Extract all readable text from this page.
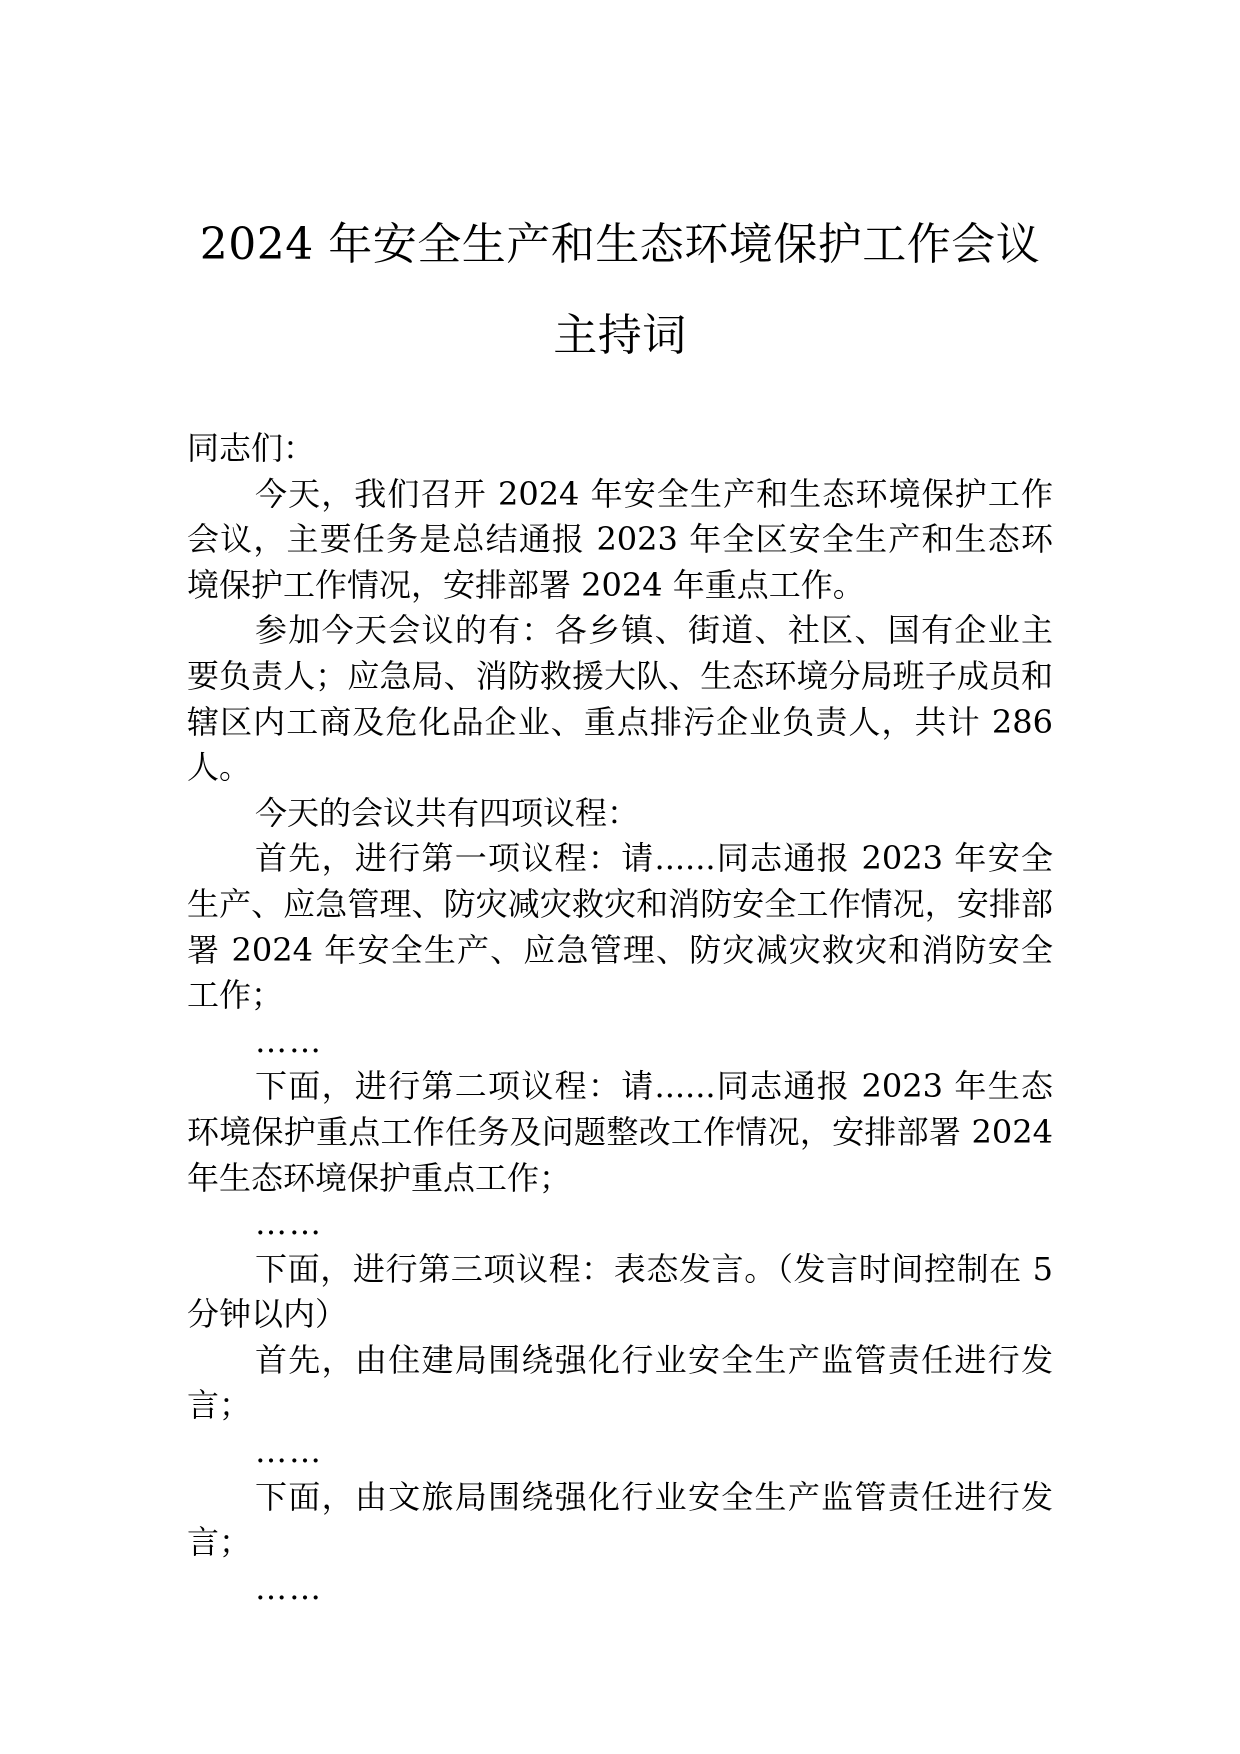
2024 年安全生产和生态环境保护工作会议
主持词

同志们：

今天，我们召开 2024 年安全生产和生态环境保护工作会议，主要任务是总结通报 2023 年全区安全生产和生态环境保护工作情况，安排部署 2024 年重点工作。

参加今天会议的有：各乡镇、街道、社区、国有企业主要负责人；应急局、消防救援大队、生态环境分局班子成员和辖区内工商及危化品企业、重点排污企业负责人，共计 286 人。

今天的会议共有四项议程：

首先，进行第一项议程：请......同志通报 2023 年安全生产、应急管理、防灾减灾救灾和消防安全工作情况，安排部署 2024 年安全生产、应急管理、防灾减灾救灾和消防安全工作；

……

下面，进行第二项议程：请......同志通报 2023 年生态环境保护重点工作任务及问题整改工作情况，安排部署 2024 年生态环境保护重点工作；

……

下面，进行第三项议程：表态发言。（发言时间控制在 5 分钟以内）

首先，由住建局围绕强化行业安全生产监管责任进行发言；

……

下面，由文旅局围绕强化行业安全生产监管责任进行发言；

……
